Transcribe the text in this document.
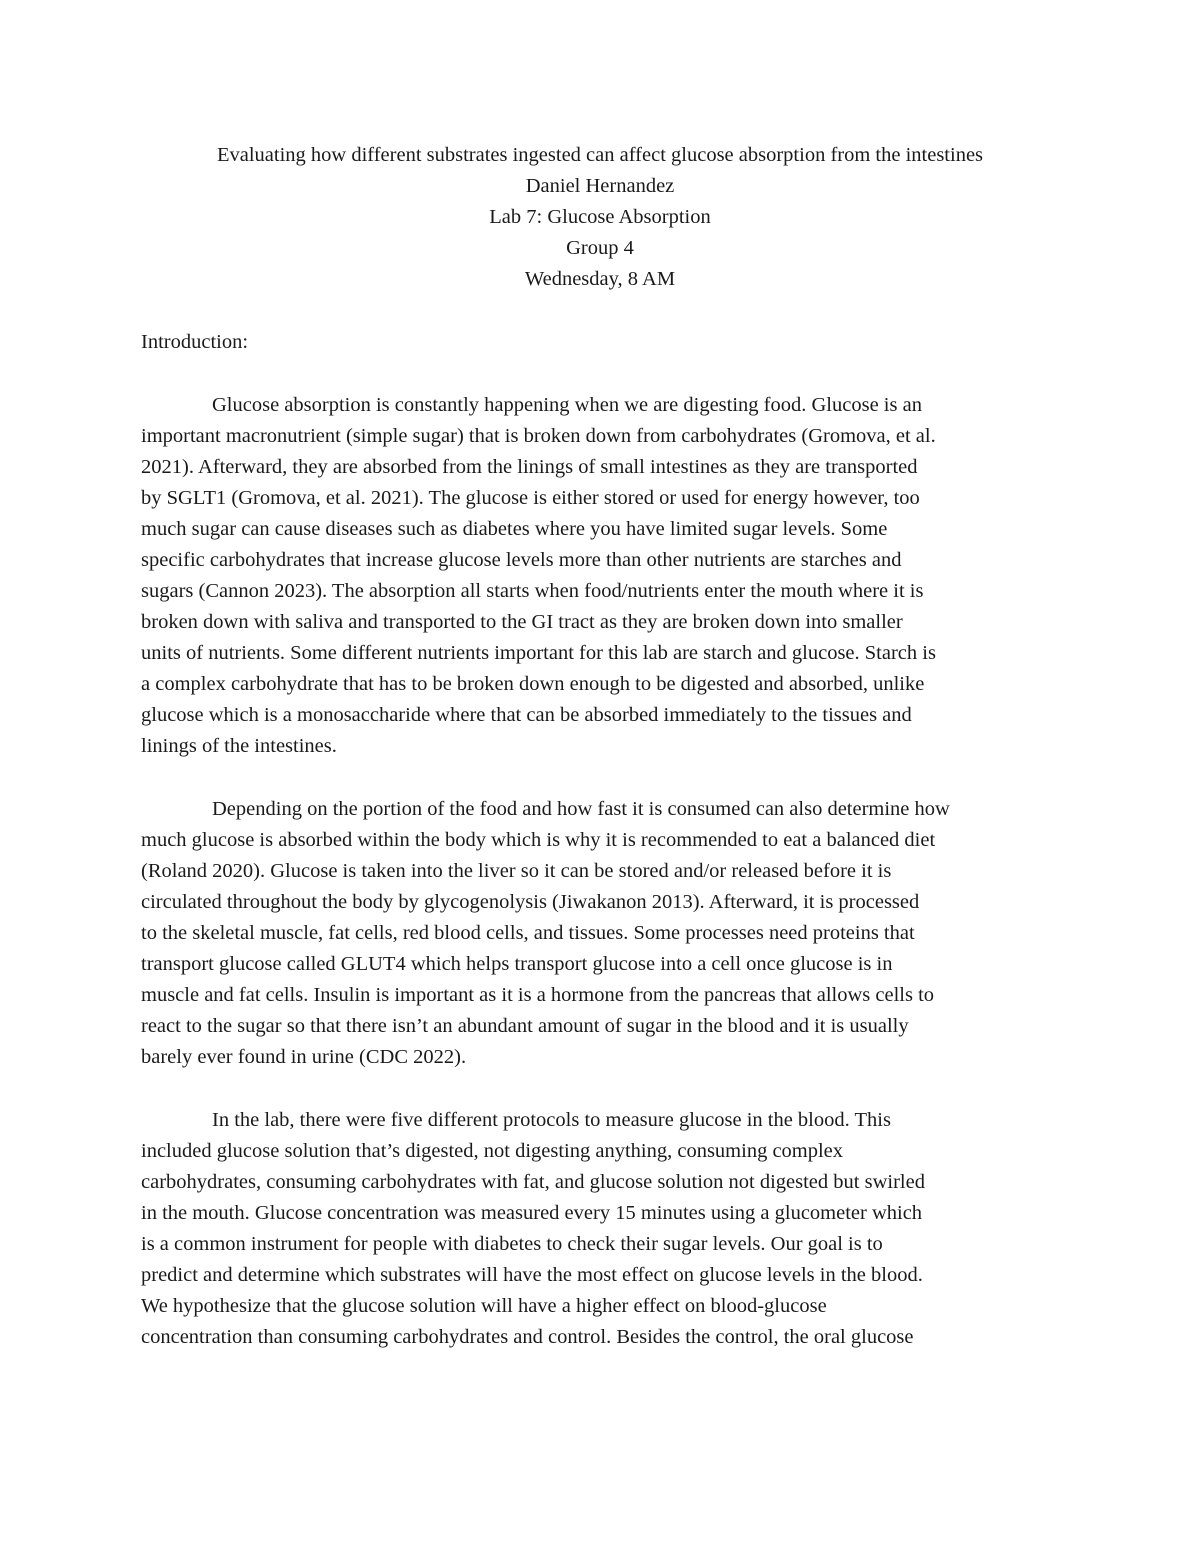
Evaluating how different substrates ingested can affect glucose absorption from the intestines
Daniel Hernandez
Lab 7: Glucose Absorption
Group 4
Wednesday, 8 AM
Introduction:
Glucose absorption is constantly happening when we are digesting food. Glucose is an
important macronutrient (simple sugar) that is broken down from carbohydrates (Gromova, et al.
2021). Afterward, they are absorbed from the linings of small intestines as they are transported
by SGLT1 (Gromova, et al. 2021). The glucose is either stored or used for energy however, too
much sugar can cause diseases such as diabetes where you have limited sugar levels. Some
specific carbohydrates that increase glucose levels more than other nutrients are starches and
sugars (Cannon 2023). The absorption all starts when food/nutrients enter the mouth where it is
broken down with saliva and transported to the GI tract as they are broken down into smaller
units of nutrients. Some different nutrients important for this lab are starch and glucose. Starch is
a complex carbohydrate that has to be broken down enough to be digested and absorbed, unlike
glucose which is a monosaccharide where that can be absorbed immediately to the tissues and
linings of the intestines.
Depending on the portion of the food and how fast it is consumed can also determine how
much glucose is absorbed within the body which is why it is recommended to eat a balanced diet
(Roland 2020). Glucose is taken into the liver so it can be stored and/or released before it is
circulated throughout the body by glycogenolysis (Jiwakanon 2013). Afterward, it is processed
to the skeletal muscle, fat cells, red blood cells, and tissues. Some processes need proteins that
transport glucose called GLUT4 which helps transport glucose into a cell once glucose is in
muscle and fat cells. Insulin is important as it is a hormone from the pancreas that allows cells to
react to the sugar so that there isn’t an abundant amount of sugar in the blood and it is usually
barely ever found in urine (CDC 2022).
In the lab, there were five different protocols to measure glucose in the blood. This
included glucose solution that’s digested, not digesting anything, consuming complex
carbohydrates, consuming carbohydrates with fat, and glucose solution not digested but swirled
in the mouth. Glucose concentration was measured every 15 minutes using a glucometer which
is a common instrument for people with diabetes to check their sugar levels. Our goal is to
predict and determine which substrates will have the most effect on glucose levels in the blood.
We hypothesize that the glucose solution will have a higher effect on blood-glucose
concentration than consuming carbohydrates and control. Besides the control, the oral glucose
